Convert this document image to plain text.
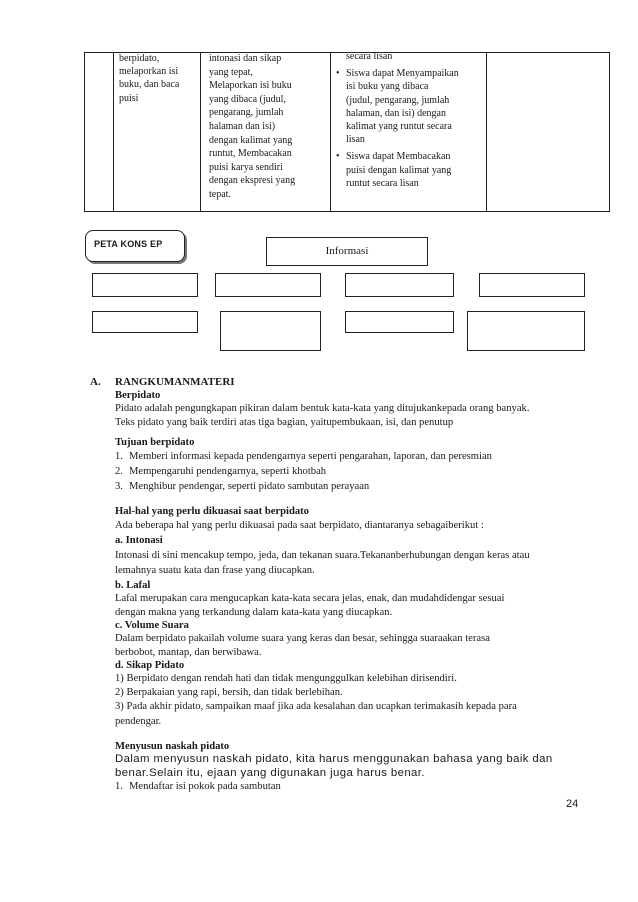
berpidato,
melaporkan isi
buku, dan baca
puisi
intonasi dan sikap
yang tepat,
Melaporkan isi buku
yang dibaca (judul,
pengarang, jumlah
halaman dan isi)
dengan kalimat yang
runtut, Membacakan
puisi karya sendiri
dengan ekspresi yang
tepat.
secara lisan
• Siswa dapat Menyampaikan
isi buku yang dibaca
(judul, pengarang, jumlah
halaman, dan isi) dengan
kalimat yang runtut secara
lisan
• Siswa dapat Membacakan
puisi dengan kalimat yang
runtut secara lisan
PETA KONS EP
Informasi
A. RANGKUMANMATERI
Berpidato
Pidato adalah pengungkapan pikiran dalam bentuk kata-kata yang ditujukankepada orang banyak.
Teks pidato yang baik terdiri atas tiga bagian, yaitupembukaan, isi, dan penutup
Tujuan berpidato
1. Memberi informasi kepada pendengarnya seperti pengarahan, laporan, dan peresmian
2. Mempengaruhi pendengarnya, seperti khotbah
3. Menghibur pendengar, seperti pidato sambutan perayaan
Hal-hal yang perlu dikuasai saat berpidato
Ada beberapa hal yang perlu dikuasai pada saat berpidato, diantaranya sebagaiberikut :
a. Intonasi
Intonasi di sini mencakup tempo, jeda, dan tekanan suara.Tekananberhubungan dengan keras atau
lemahnya suatu kata dan frase yang diucapkan.
b. Lafal
Lafal merupakan cara mengucapkan kata-kata secara jelas, enak, dan mudahdidengar sesuai
dengan makna yang terkandung dalam kata-kata yang diucapkan.
c. Volume Suara
Dalam berpidato pakailah volume suara yang keras dan besar, sehingga suaraakan terasa
berbobot, mantap, dan berwibawa.
d. Sikap Pidato
1) Berpidato dengan rendah hati dan tidak mengunggulkan kelebihan dirisendiri.
2) Berpakaian yang rapi, bersih, dan tidak berlebihan.
3) Pada akhir pidato, sampaikan maaf jika ada kesalahan dan ucapkan terimakasih kepada para
pendengar.
Menyusun naskah pidato
Dalam menyusun naskah pidato, kita harus menggunakan bahasa yang baik dan
benar.Selain itu, ejaan yang digunakan juga harus benar.
1. Mendaftar isi pokok pada sambutan
24
